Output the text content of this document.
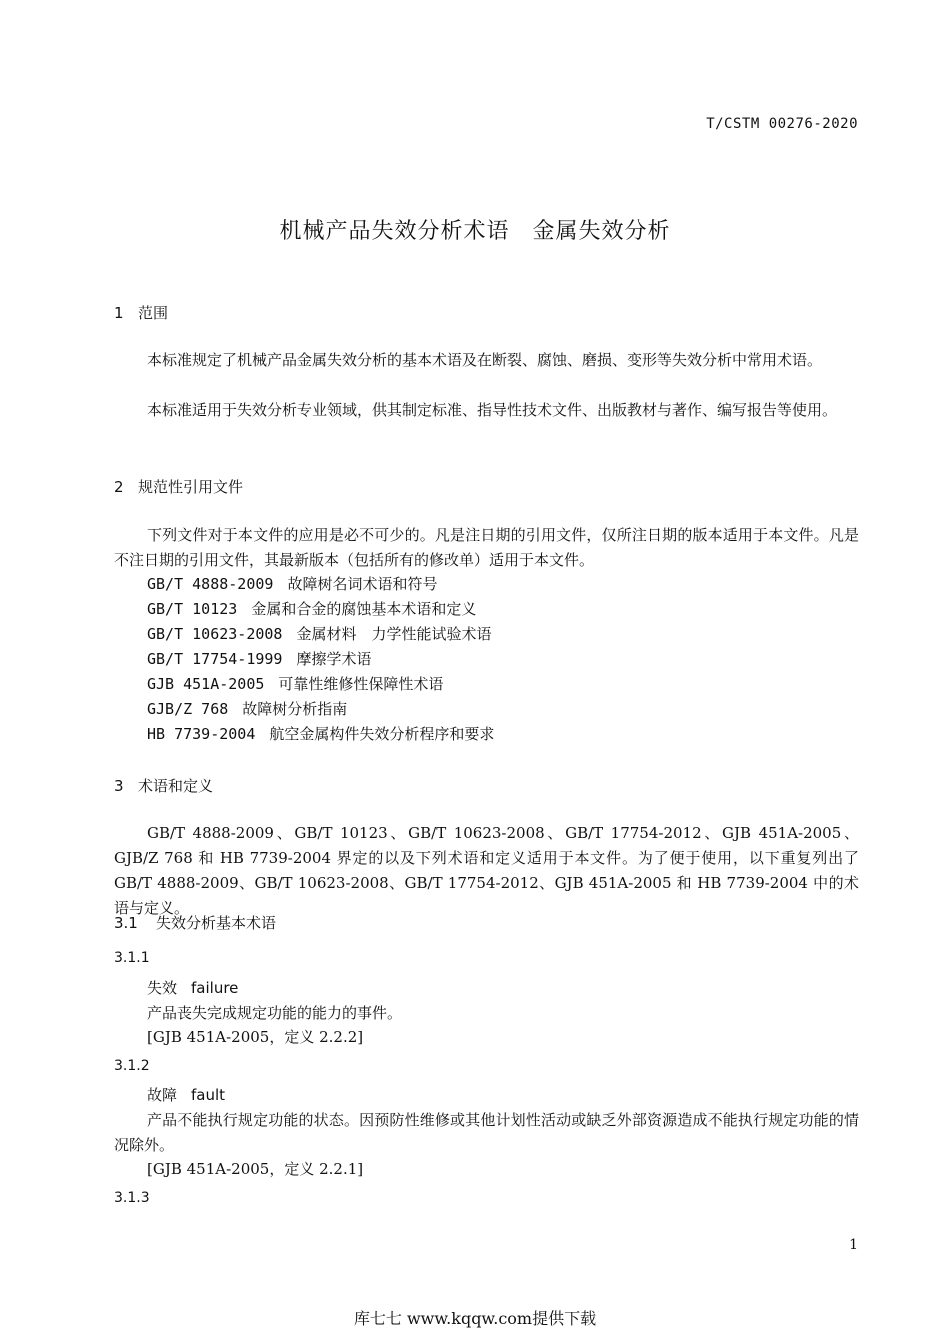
T/CSTM 00276-2020
机械产品失效分析术语　金属失效分析
1 范围
本标准规定了机械产品金属失效分析的基本术语及在断裂、腐蚀、磨损、变形等失效分析中常用术语。
本标准适用于失效分析专业领域，供其制定标准、指导性技术文件、出版教材与著作、编写报告等使用。
2 规范性引用文件
下列文件对于本文件的应用是必不可少的。凡是注日期的引用文件，仅所注日期的版本适用于本文件。凡是不注日期的引用文件，其最新版本（包括所有的修改单）适用于本文件。
GB/T 4888-2009 故障树名词术语和符号
GB/T 10123 金属和合金的腐蚀基本术语和定义
GB/T 10623-2008 金属材料　力学性能试验术语
GB/T 17754-1999 摩擦学术语
GJB 451A-2005 可靠性维修性保障性术语
GJB/Z 768 故障树分析指南
HB 7739-2004 航空金属构件失效分析程序和要求
3 术语和定义
GB/T 4888-2009、GB/T 10123、GB/T 10623-2008、GB/T 17754-2012、GJB 451A-2005、GJB/Z 768 和 HB 7739-2004 界定的以及下列术语和定义适用于本文件。为了便于使用，以下重复列出了 GB/T 4888-2009、GB/T 10623-2008、GB/T 17754-2012、GJB 451A-2005 和 HB 7739-2004 中的术语与定义。
3.1 失效分析基本术语
3.1.1
失效 failure
产品丧失完成规定功能的能力的事件。
[GJB 451A-2005，定义 2.2.2]
3.1.2
故障 fault
产品不能执行规定功能的状态。因预防性维修或其他计划性活动或缺乏外部资源造成不能执行规定功能的情况除外。
[GJB 451A-2005，定义 2.2.1]
3.1.3
1
库七七 www.kqqw.com提供下载
